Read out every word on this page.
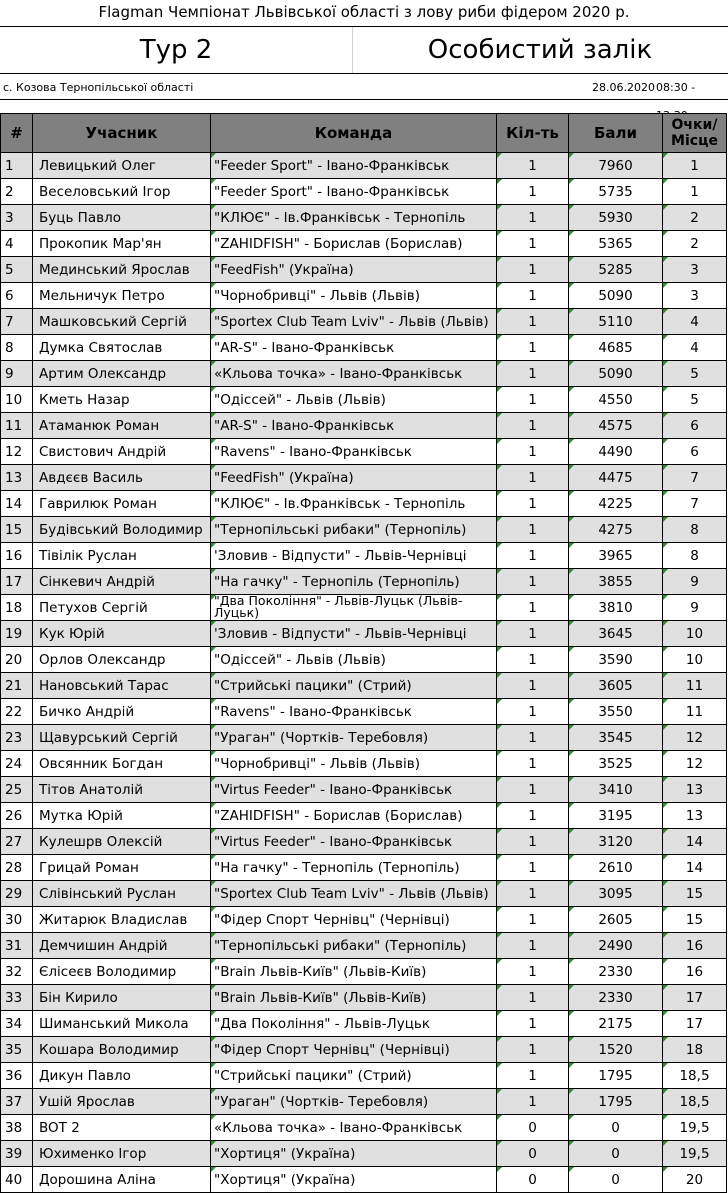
Flagman Чемпіонат Львівської області з лову риби фідером 2020 р.
Тур 2	Особистий залік
с. Козова Тернопільської області	28.06.2020 08:30 -
#	Учасник	Команда	Кіл-ть	Бали	Очки/ Місце
1	Левицький Олег	"Feeder Sport" - Івано-Франківськ	1	7960	1
2	Веселовський Ігор	"Feeder Sport" - Івано-Франківськ	1	5735	1
3	Буць Павло	"КЛЮЄ" - Ів.Франківськ - Тернопіль	1	5930	2
4	Прокопик Мар'ян	"ZAHIDFISH" - Борислав (Борислав)	1	5365	2
5	Мединський Ярослав	"FeedFish" (Україна)	1	5285	3
6	Мельничук Петро	"Чорнобривці" - Львів (Львів)	1	5090	3
7	Машковський Сергій	"Sportex Club Team Lviv" - Львів (Львів)	1	5110	4
8	Думка Святослав	"AR-S" - Івано-Франківськ	1	4685	4
9	Артим Олександр	«Кльова точка» - Івано-Франківськ	1	5090	5
10	Кметь Назар	"Одіссей" - Львів (Львів)	1	4550	5
11	Атаманюк Роман	"AR-S" - Івано-Франківськ	1	4575	6
12	Свистович Андрій	"Ravens" - Івано-Франківськ	1	4490	6
13	Авдєєв Василь	"FeedFish" (Україна)	1	4475	7
14	Гаврилюк Роман	"КЛЮЄ" - Ів.Франківськ - Тернопіль	1	4225	7
15	Будівський Володимир	"Тернопільські рибаки" (Тернопіль)	1	4275	8
16	Тівілік Руслан	'Зловив - Відпусти" - Львів-Чернівці	1	3965	8
17	Сінкевич Андрій	"На гачку" - Тернопіль (Тернопіль)	1	3855	9
18	Петухов Сергій	"Два Покоління" - Львів-Луцьк (Львів-Луцьк)	1	3810	9
19	Кук Юрій	'Зловив - Відпусти" - Львів-Чернівці	1	3645	10
20	Орлов Олександр	"Одіссей" - Львів (Львів)	1	3590	10
21	Нановський Тарас	"Стрийські пацики" (Стрий)	1	3605	11
22	Бичко Андрій	"Ravens" - Івано-Франківськ	1	3550	11
23	Щавурський Сергій	"Ураган" (Чортків- Теребовля)	1	3545	12
24	Овсянник Богдан	"Чорнобривці" - Львів (Львів)	1	3525	12
25	Тітов Анатолій	"Virtus Feeder" - Івано-Франківськ	1	3410	13
26	Мутка Юрій	"ZAHIDFISH" - Борислав (Борислав)	1	3195	13
27	Кулешрв Олексій	"Virtus Feeder" - Івано-Франківськ	1	3120	14
28	Грицай Роман	"На гачку" - Тернопіль (Тернопіль)	1	2610	14
29	Слівінський Руслан	"Sportex Club Team Lviv" - Львів (Львів)	1	3095	15
30	Житарюк Владислав	"Фідер Спорт Чернівц" (Чернівці)	1	2605	15
31	Демчишин Андрій	"Тернопільські рибаки" (Тернопіль)	1	2490	16
32	Єлісеєв Володимир	"Brain Львів-Київ" (Львів-Київ)	1	2330	16
33	Бін Кирило	"Brain Львів-Київ" (Львів-Київ)	1	2330	17
34	Шиманський Микола	"Два Покоління" - Львів-Луцьк	1	2175	17
35	Кошара Володимир	"Фідер Спорт Чернівц" (Чернівці)	1	1520	18
36	Дикун Павло	"Стрийські пацики" (Стрий)	1	1795	18,5
37	Ушій Ярослав	"Ураган" (Чортків- Теребовля)	1	1795	18,5
38	BOT 2	«Кльова точка» - Івано-Франківськ	0	0	19,5
39	Юхименко Ігор	"Хортиця" (Україна)	0	0	19,5
40	Дорошина Аліна	"Хортиця" (Україна)	0	0	20
